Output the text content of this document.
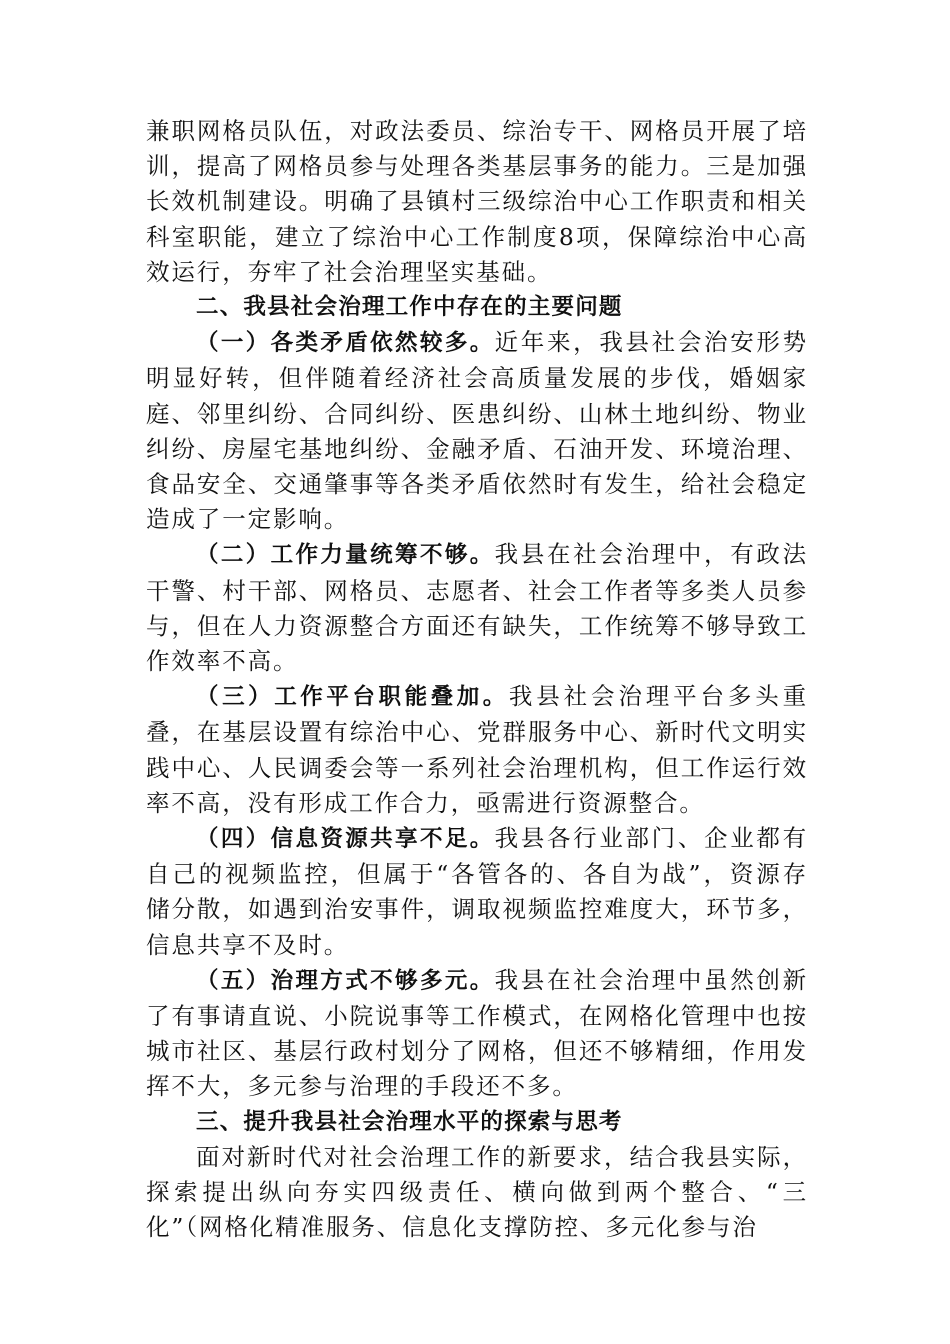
兼职网格员队伍，对政法委员、综治专干、网格员开展了培训，提高了网格员参与处理各类基层事务的能力。三是加强长效机制建设。明确了县镇村三级综治中心工作职责和相关科室职能，建立了综治中心工作制度8项，保障综治中心高效运行，夯牢了社会治理坚实基础。

二、我县社会治理工作中存在的主要问题

（一）各类矛盾依然较多。近年来，我县社会治安形势明显好转，但伴随着经济社会高质量发展的步伐，婚姻家庭、邻里纠纷、合同纠纷、医患纠纷、山林土地纠纷、物业纠纷、房屋宅基地纠纷、金融矛盾、石油开发、环境治理、食品安全、交通肇事等各类矛盾依然时有发生，给社会稳定造成了一定影响。

（二）工作力量统筹不够。我县在社会治理中，有政法干警、村干部、网格员、志愿者、社会工作者等多类人员参与，但在人力资源整合方面还有缺失，工作统筹不够导致工作效率不高。

（三）工作平台职能叠加。我县社会治理平台多头重叠，在基层设置有综治中心、党群服务中心、新时代文明实践中心、人民调委会等一系列社会治理机构，但工作运行效率不高，没有形成工作合力，亟需进行资源整合。

（四）信息资源共享不足。我县各行业部门、企业都有自己的视频监控，但属于“各管各的、各自为战”，资源存储分散，如遇到治安事件，调取视频监控难度大，环节多，信息共享不及时。

（五）治理方式不够多元。我县在社会治理中虽然创新了有事请直说、小院说事等工作模式，在网格化管理中也按城市社区、基层行政村划分了网格，但还不够精细，作用发挥不大，多元参与治理的手段还不多。

三、提升我县社会治理水平的探索与思考

面对新时代对社会治理工作的新要求，结合我县实际，探索提出纵向夯实四级责任、横向做到两个整合、“三化”（网格化精准服务、信息化支撑防控、多元化参与治
